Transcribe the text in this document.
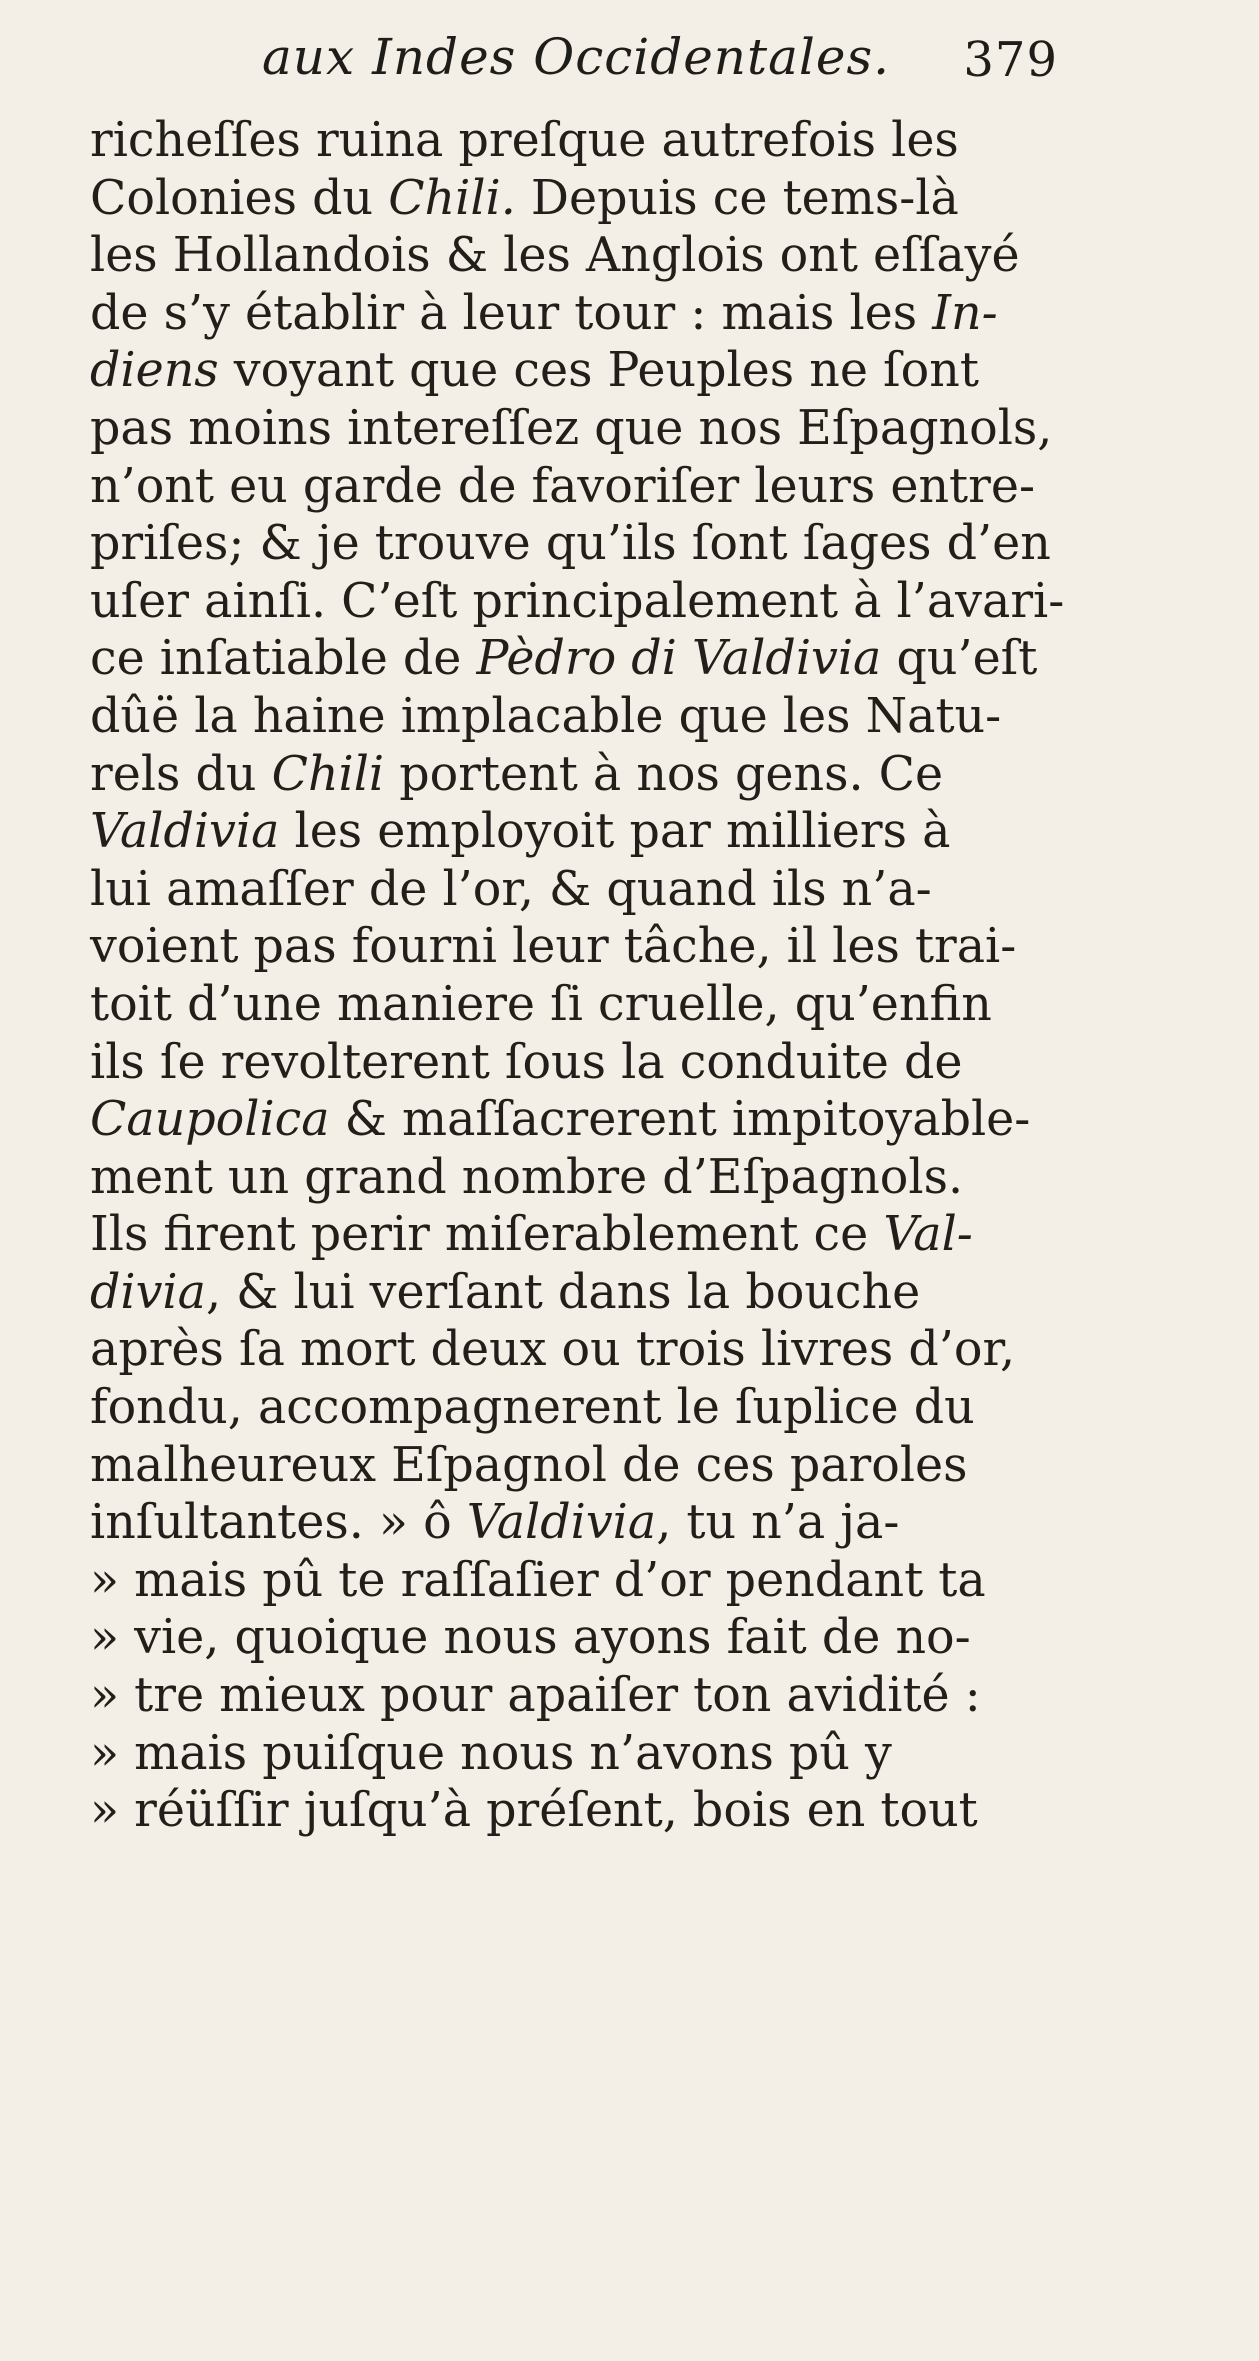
aux Indes Occidentales. 379
richeſſes ruina preſque autrefois les
Colonies du Chili. Depuis ce tems-là
les Hollandois & les Anglois ont eſſayé
de s’y établir à leur tour : mais les In-
diens voyant que ces Peuples ne ſont
pas moins intereſſez que nos Eſpagnols,
n’ont eu garde de favoriſer leurs entre-
priſes; & je trouve qu’ils ſont ſages d’en
uſer ainſi. C’eſt principalement à l’avari-
ce inſatiable de Pèdro di Valdivia qu’eſt
dûë la haine implacable que les Natu-
rels du Chili portent à nos gens. Ce
Valdivia les employoit par milliers à
lui amaſſer de l’or, & quand ils n’a-
voient pas fourni leur tâche, il les trai-
toit d’une maniere ſi cruelle, qu’enfin
ils ſe revolterent ſous la conduite de
Caupolica & maſſacrerent impitoyable-
ment un grand nombre d’Eſpagnols.
Ils firent perir miſerablement ce Val-
divia, & lui verſant dans la bouche
après ſa mort deux ou trois livres d’or,
fondu, accompagnerent le ſuplice du
malheureux Eſpagnol de ces paroles
inſultantes. » ô Valdivia, tu n’a ja-
» mais pû te raſſaſier d’or pendant ta
» vie, quoique nous ayons fait de no-
» tre mieux pour apaiſer ton avidité :
» mais puiſque nous n’avons pû y
» réüſſir juſqu’à préſent, bois en tout
